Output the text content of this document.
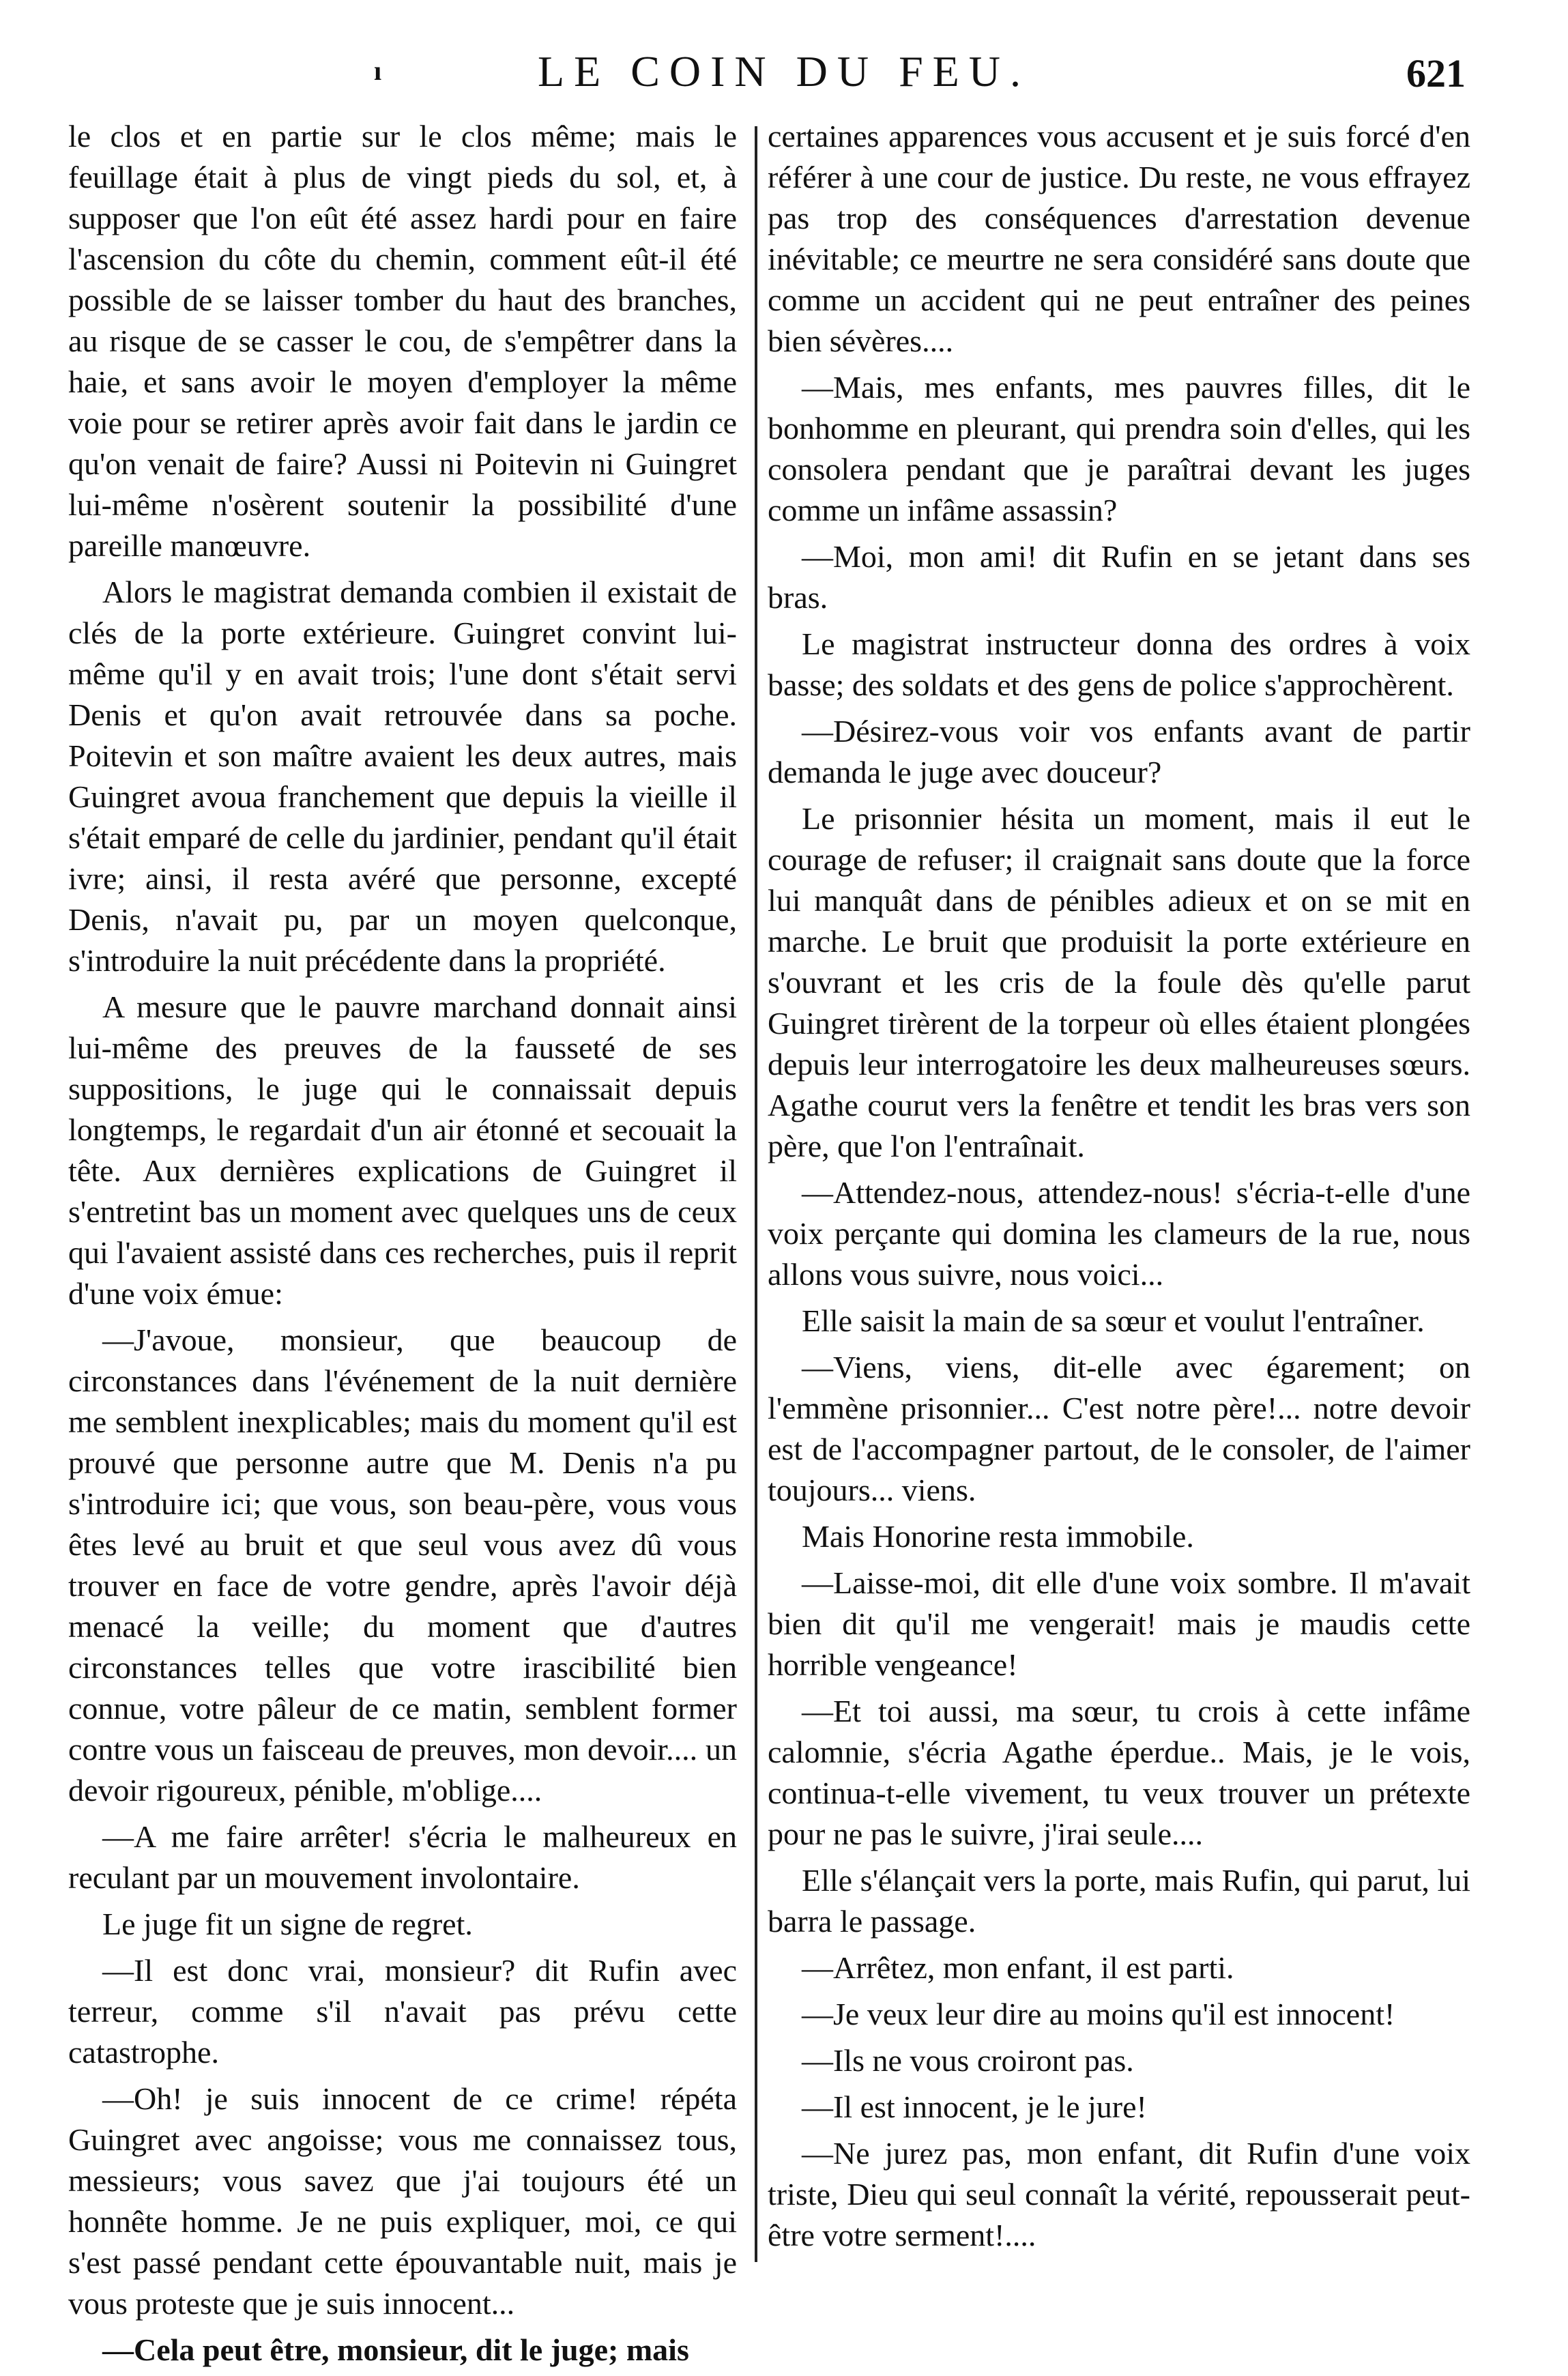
ı	LE COIN DU FEU.	621

le clos et en partie sur le clos même; mais le feuillage était à plus de vingt pieds du sol, et, à supposer que l'on eût été assez hardi pour en faire l'ascension du côte du chemin, comment eût-il été possible de se laisser tomber du haut des branches, au risque de se casser le cou, de s'empêtrer dans la haie, et sans avoir le moyen d'employer la même voie pour se retirer après avoir fait dans le jardin ce qu'on venait de faire? Aussi ni Poitevin ni Guingret lui-même n'osèrent soutenir la possibilité d'une pareille manœuvre.

Alors le magistrat demanda combien il existait de clés de la porte extérieure. Guingret convint lui-même qu'il y en avait trois; l'une dont s'était servi Denis et qu'on avait retrouvée dans sa poche. Poitevin et son maître avaient les deux autres, mais Guingret avoua franchement que depuis la vieille il s'était emparé de celle du jardinier, pendant qu'il était ivre; ainsi, il resta avéré que personne, excepté Denis, n'avait pu, par un moyen quelconque, s'introduire la nuit précédente dans la propriété.

A mesure que le pauvre marchand donnait ainsi lui-même des preuves de la fausseté de ses suppositions, le juge qui le connaissait depuis longtemps, le regardait d'un air étonné et secouait la tête. Aux dernières explications de Guingret il s'entretint bas un moment avec quelques uns de ceux qui l'avaient assisté dans ces recherches, puis il reprit d'une voix émue:

—J'avoue, monsieur, que beaucoup de circonstances dans l'événement de la nuit dernière me semblent inexplicables; mais du moment qu'il est prouvé que personne autre que M. Denis n'a pu s'introduire ici; que vous, son beau-père, vous vous êtes levé au bruit et que seul vous avez dû vous trouver en face de votre gendre, après l'avoir déjà menacé la veille; du moment que d'autres circonstances telles que votre irascibilité bien connue, votre pâleur de ce matin, semblent former contre vous un faisceau de preuves, mon devoir.... un devoir rigoureux, pénible, m'oblige....

—A me faire arrêter! s'écria le malheureux en reculant par un mouvement involontaire.

Le juge fit un signe de regret.

—Il est donc vrai, monsieur? dit Rufin avec terreur, comme s'il n'avait pas prévu cette catastrophe.

—Oh! je suis innocent de ce crime! répéta Guingret avec angoisse; vous me connaissez tous, messieurs; vous savez que j'ai toujours été un honnête homme. Je ne puis expliquer, moi, ce qui s'est passé pendant cette épouvantable nuit, mais je vous proteste que je suis innocent...

—Cela peut être, monsieur, dit le juge; mais

certaines apparences vous accusent et je suis forcé d'en référer à une cour de justice. Du reste, ne vous effrayez pas trop des conséquences d'arrestation devenue inévitable; ce meurtre ne sera considéré sans doute que comme un accident qui ne peut entraîner des peines bien sévères....

—Mais, mes enfants, mes pauvres filles, dit le bonhomme en pleurant, qui prendra soin d'elles, qui les consolera pendant que je paraîtrai devant les juges comme un infâme assassin?

—Moi, mon ami! dit Rufin en se jetant dans ses bras.

Le magistrat instructeur donna des ordres à voix basse; des soldats et des gens de police s'approchèrent.

—Désirez-vous voir vos enfants avant de partir demanda le juge avec douceur?

Le prisonnier hésita un moment, mais il eut le courage de refuser; il craignait sans doute que la force lui manquât dans de pénibles adieux et on se mit en marche. Le bruit que produisit la porte extérieure en s'ouvrant et les cris de la foule dès qu'elle parut Guingret tirèrent de la torpeur où elles étaient plongées depuis leur interrogatoire les deux malheureuses sœurs. Agathe courut vers la fenêtre et tendit les bras vers son père, que l'on l'entraînait.

—Attendez-nous, attendez-nous! s'écria-t-elle d'une voix perçante qui domina les clameurs de la rue, nous allons vous suivre, nous voici...

Elle saisit la main de sa sœur et voulut l'entraîner.

—Viens, viens, dit-elle avec égarement; on l'emmène prisonnier... C'est notre père!... notre devoir est de l'accompagner partout, de le consoler, de l'aimer toujours... viens.

Mais Honorine resta immobile.

—Laisse-moi, dit elle d'une voix sombre. Il m'avait bien dit qu'il me vengerait! mais je maudis cette horrible vengeance!

—Et toi aussi, ma sœur, tu crois à cette infâme calomnie, s'écria Agathe éperdue.. Mais, je le vois, continua-t-elle vivement, tu veux trouver un prétexte pour ne pas le suivre, j'irai seule....

Elle s'élançait vers la porte, mais Rufin, qui parut, lui barra le passage.

—Arrêtez, mon enfant, il est parti.

—Je veux leur dire au moins qu'il est innocent!

—Ils ne vous croiront pas.

—Il est innocent, je le jure!

—Ne jurez pas, mon enfant, dit Rufin d'une voix triste, Dieu qui seul connaît la vérité, repousserait peut-être votre serment!....
